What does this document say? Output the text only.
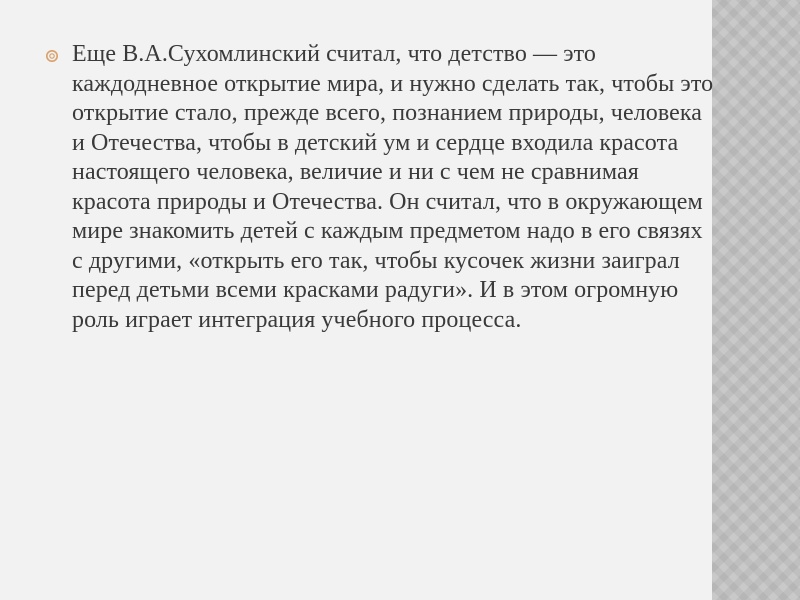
Еще В.А.Сухомлинский считал, что детство — это каждодневное открытие мира, и нужно сделать так, чтобы это открытие стало, прежде всего, познанием природы, человека и Отечества, чтобы в детский ум и сердце входила красота настоящего человека, величие и ни с чем не сравнимая красота природы и Отечества. Он считал, что в окружающем мире знакомить детей с каждым предметом надо в его связях с другими, «открыть его так, чтобы кусочек жизни заиграл перед детьми всеми красками радуги». И в этом огромную роль играет интеграция учебного процесса.
